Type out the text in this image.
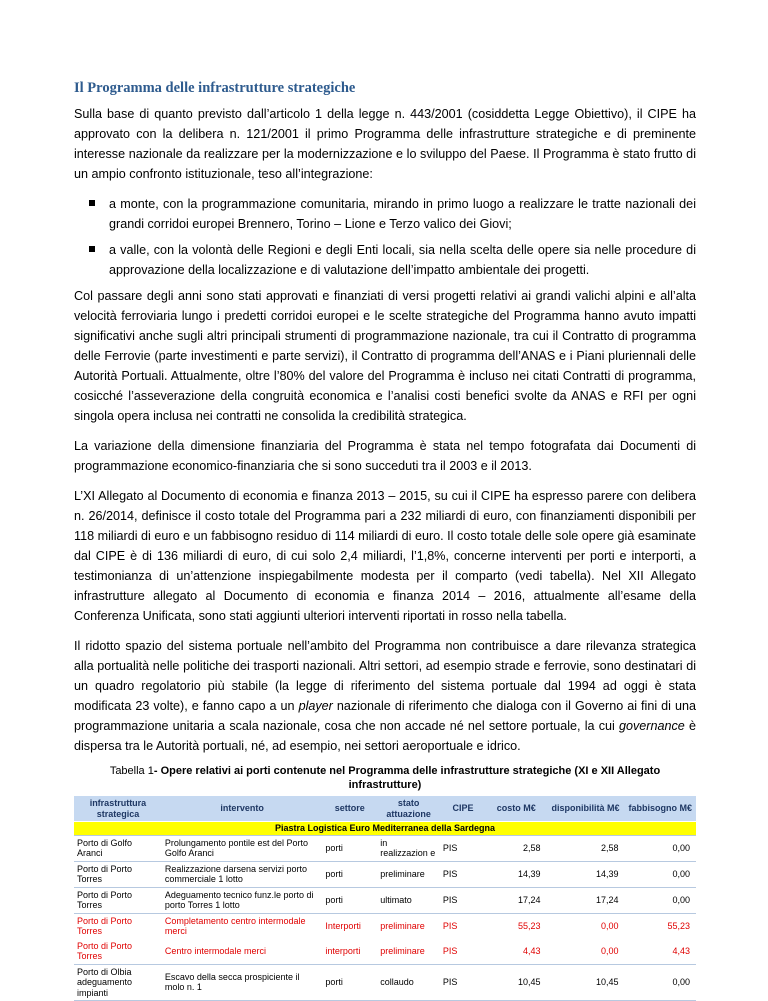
Il Programma delle infrastrutture strategiche

Sulla base di quanto previsto dall’articolo 1 della legge n. 443/2001 (cosiddetta Legge Obiettivo), il CIPE ha approvato con la delibera n. 121/2001 il primo Programma delle infrastrutture strategiche e di preminente interesse nazionale da realizzare per la modernizzazione e lo sviluppo del Paese. Il Programma è stato frutto di un ampio confronto istituzionale, teso all’integrazione:

a monte, con la programmazione comunitaria, mirando in primo luogo a realizzare le tratte nazionali dei grandi corridoi europei Brennero, Torino – Lione e Terzo valico dei Giovi;
a valle, con la volontà delle Regioni e degli Enti locali, sia nella scelta delle opere sia nelle procedure di approvazione della localizzazione e di valutazione dell’impatto ambientale dei progetti.

Col passare degli anni sono stati approvati e finanziati di versi progetti relativi ai grandi valichi alpini e all’alta velocità ferroviaria lungo i predetti corridoi europei e le scelte strategiche del Programma hanno avuto impatti significativi anche sugli altri principali strumenti di programmazione nazionale, tra cui il Contratto di programma delle Ferrovie (parte investimenti e parte servizi), il Contratto di programma dell’ANAS e i Piani pluriennali delle Autorità Portuali. Attualmente, oltre l’80% del valore del Programma è incluso nei citati Contratti di programma, cosicché l’asseverazione della congruità economica e l’analisi costi benefici svolte da ANAS e RFI per ogni singola opera inclusa nei contratti ne consolida la credibilità strategica.

La variazione della dimensione finanziaria del Programma è stata nel tempo fotografata dai Documenti di programmazione economico-finanziaria che si sono succeduti tra il 2003 e il 2013.

L’XI Allegato al Documento di economia e finanza 2013 – 2015, su cui il CIPE ha espresso parere con delibera n. 26/2014, definisce il costo totale del Programma pari a 232 miliardi di euro, con finanziamenti disponibili per 118 miliardi di euro e un fabbisogno residuo di 114 miliardi di euro. Il costo totale delle sole opere già esaminate dal CIPE è di 136 miliardi di euro, di cui solo 2,4 miliardi, l’1,8%, concerne interventi per porti e interporti, a testimonianza di un’attenzione inspiegabilmente modesta per il comparto (vedi tabella). Nel XII Allegato infrastrutture allegato al Documento di economia e finanza 2014 – 2016, attualmente all’esame della Conferenza Unificata, sono stati aggiunti ulteriori interventi riportati in rosso nella tabella.

Il ridotto spazio del sistema portuale nell’ambito del Programma non contribuisce a dare rilevanza strategica alla portualità nelle politiche dei trasporti nazionali. Altri settori, ad esempio strade e ferrovie, sono destinatari di un quadro regolatorio più stabile (la legge di riferimento del sistema portuale dal 1994 ad oggi è stata modificata 23 volte), e fanno capo a un player nazionale di riferimento che dialoga con il Governo ai fini di una programmazione unitaria a scala nazionale, cosa che non accade né nel settore portuale, la cui governance è dispersa tra le Autorità portuali, né, ad esempio, nei settori aeroportuale e idrico.

Tabella 1- Opere relativi ai porti contenute nel Programma delle infrastrutture strategiche (XI e XII Allegato infrastrutture)
infrastruttura strategica	intervento	settore	stato attuazione	CIPE	costo M€	disponibilità M€	fabbisogno M€
Piastra Logistica Euro Mediterranea della Sardegna							
Porto di Golfo Aranci	Prolungamento pontile est del Porto Golfo Aranci	porti	in realizzazion e	PIS	2,58	2,58	0,00
Porto di Porto Torres	Realizzazione darsena servizi porto commerciale 1 lotto	porti	preliminare	PIS	14,39	14,39	0,00
Porto di Porto Torres	Adeguamento tecnico funz.le porto di porto Torres 1 lotto	porti	ultimato	PIS	17,24	17,24	0,00
Porto di Porto Torres	Completamento centro intermodale merci	Interporti	preliminare	PIS	55,23	0,00	55,23
Porto di Porto Torres	Centro intermodale merci	interporti	preliminare	PIS	4,43	0,00	4,43
Porto di Olbia adeguamento impianti	Escavo della secca prospiciente il molo n. 1	porti	collaudo	PIS	10,45	10,45	0,00
